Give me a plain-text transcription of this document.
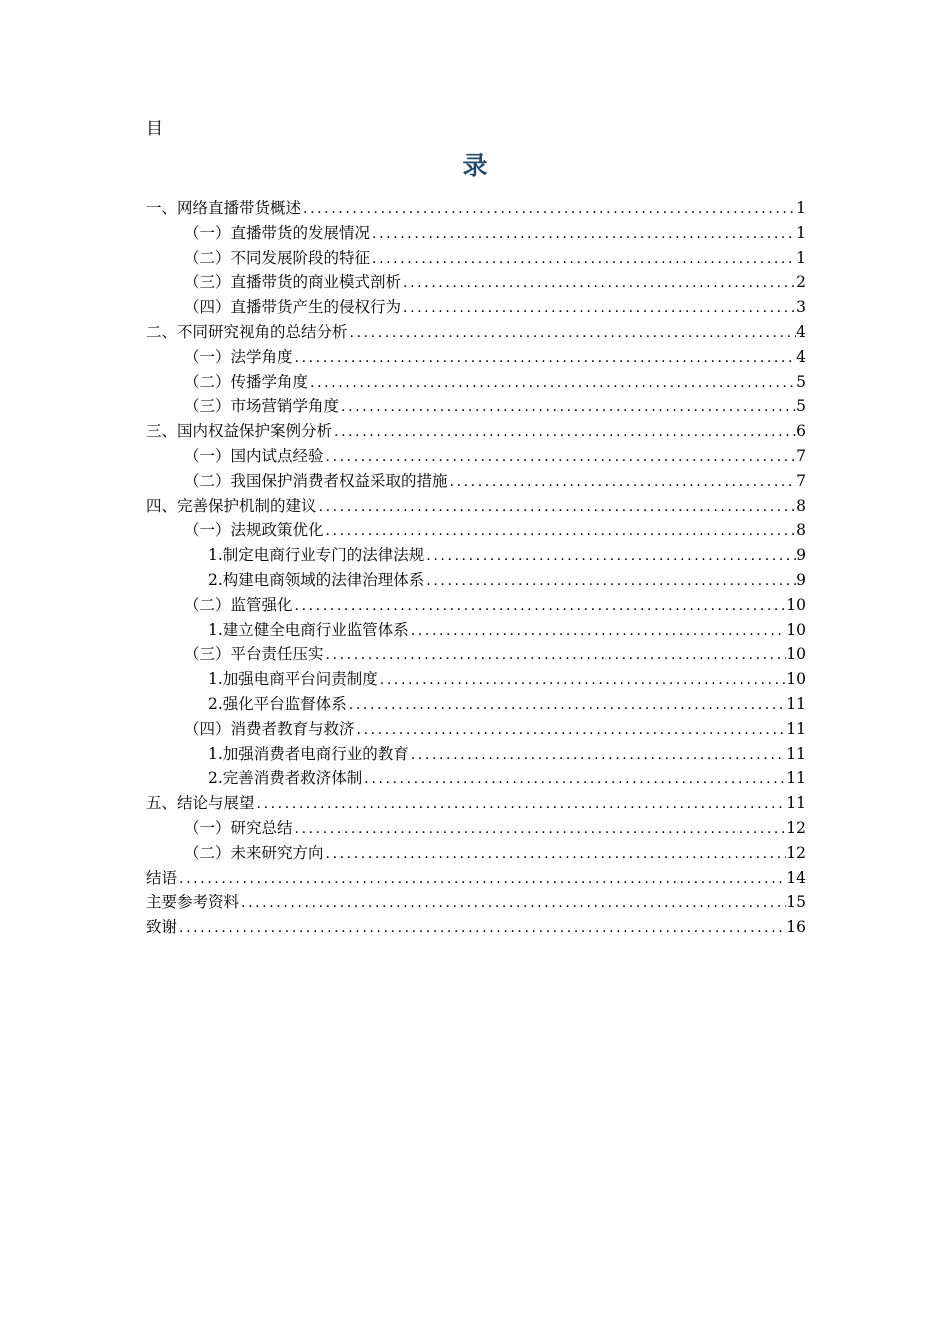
目
录
一、网络直播带货概述 .....	1
（一）直播带货的发展情况 .....	1
（二）不同发展阶段的特征 .....	1
（三）直播带货的商业模式剖析 .....	2
（四）直播带货产生的侵权行为 .....	3
二、不同研究视角的总结分析 .....	4
（一）法学角度 .....	4
（二）传播学角度 .....	5
（三）市场营销学角度 .....	5
三、国内权益保护案例分析 .....	6
（一）国内试点经验 .....	7
（二）我国保护消费者权益采取的措施 .....	7
四、完善保护机制的建议 .....	8
（一）法规政策优化 .....	8
1.制定电商行业专门的法律法规 .....	9
2.构建电商领域的法律治理体系 .....	9
（二）监管强化 .....	10
1.建立健全电商行业监管体系 .....	10
（三）平台责任压实 .....	10
1.加强电商平台问责制度 .....	10
2.强化平台监督体系 .....	11
（四）消费者教育与救济 .....	11
1.加强消费者电商行业的教育 .....	11
2.完善消费者救济体制 .....	11
五、结论与展望 .....	11
（一）研究总结 .....	12
（二）未来研究方向 .....	12
结语 .....	14
主要参考资料 .....	15
致谢 .....	16
